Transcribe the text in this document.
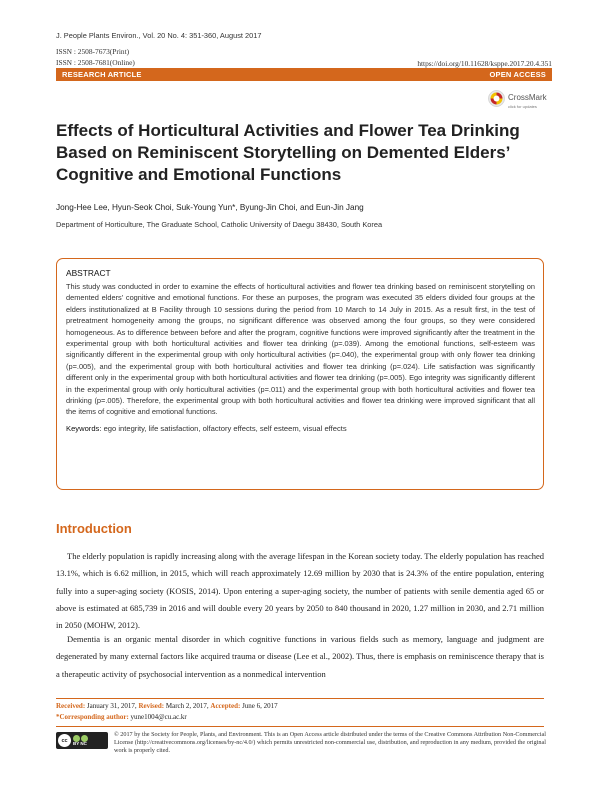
J. People Plants Environ., Vol. 20 No. 4: 351-360, August 2017
ISSN : 2508-7673(Print)
ISSN : 2508-7681(Online)	https://doi.org/10.11628/ksppe.2017.20.4.351
RESEARCH ARTICLE	OPEN ACCESS
CrossMark
click for updates
Effects of Horticultural Activities and Flower Tea Drinking Based on Reminiscent Storytelling on Demented Elders’ Cognitive and Emotional Functions
Jong-Hee Lee, Hyun-Seok Choi, Suk-Young Yun*, Byung-Jin Choi, and Eun-Jin Jang
Department of Horticulture, The Graduate School, Catholic University of Daegu 38430, South Korea
ABSTRACT

This study was conducted in order to examine the effects of horticultural activities and flower tea drinking based on reminiscent storytelling on demented elders’ cognitive and emotional functions. For these an purposes, the program was executed 35 elders divided four groups at the elders institutionalized at B Facility through 10 sessions during the period from 10 March to 14 July in 2015. As a result first, in the test of pretreatment homogeneity among the groups, no significant difference was observed among the four groups, so they were considered homogeneous. As to difference between before and after the program, cognitive functions were improved significantly after the treatment in the experimental group with both horticultural activities and flower tea drinking (p=.039). Among the emotional functions, self-esteem was significantly different in the experimental group with only horticultural activities (p=.040), the experimental group with only flower tea drinking (p=.005), and the experimental group with both horticultural activities and flower tea drinking (p=.024). Life satisfaction was significantly different only in the experimental group with both horticultural activities and flower tea drinking (p=.005). Ego integrity was significantly different in the experimental group with only horticultural activities (p=.011) and the experimental group with both horticultural activities and flower tea drinking (p=.005). Therefore, the experimental group with both horticultural activities and flower tea drinking were improved significant that all the items of cognitive and emotional functions.

Keywords: ego integrity, life satisfaction, olfactory effects, self esteem, visual effects
Introduction

The elderly population is rapidly increasing along with the average lifespan in the Korean society today. The elderly population has reached 13.1%, which is 6.62 million, in 2015, which will reach approximately 12.69 million by 2030 that is 24.3% of the entire population, entering fully into a super-aging society (KOSIS, 2014). Upon entering a super-aging society, the number of patients with senile dementia aged 65 or above is estimated at 685,739 in 2016 and will double every 20 years by 2050 to 840 thousand in 2020, 1.27 million in 2030, and 2.71 million in 2050 (MOHW, 2012).

Dementia is an organic mental disorder in which cognitive functions in various fields such as memory, language and judgment are degenerated by many external factors like acquired trauma or disease (Lee et al., 2002). Thus, there is emphasis on reminiscence therapy that is a therapeutic activity of psychosocial intervention as a nonmedical intervention

Received: January 31, 2017, Revised: March 2, 2017, Accepted: June 6, 2017
*Corresponding author: yune1004@cu.ac.kr
cc	BY NC

© 2017 by the Society for People, Plants, and Environment. This is an Open Access article distributed under the terms of the Creative Commons Attribution Non-Commercial License (http://creativecommons.org/licenses/by-nc/4.0/) which permits unrestricted non-commercial use, distribution, and reproduction in any medium, provided the original work is properly cited.
